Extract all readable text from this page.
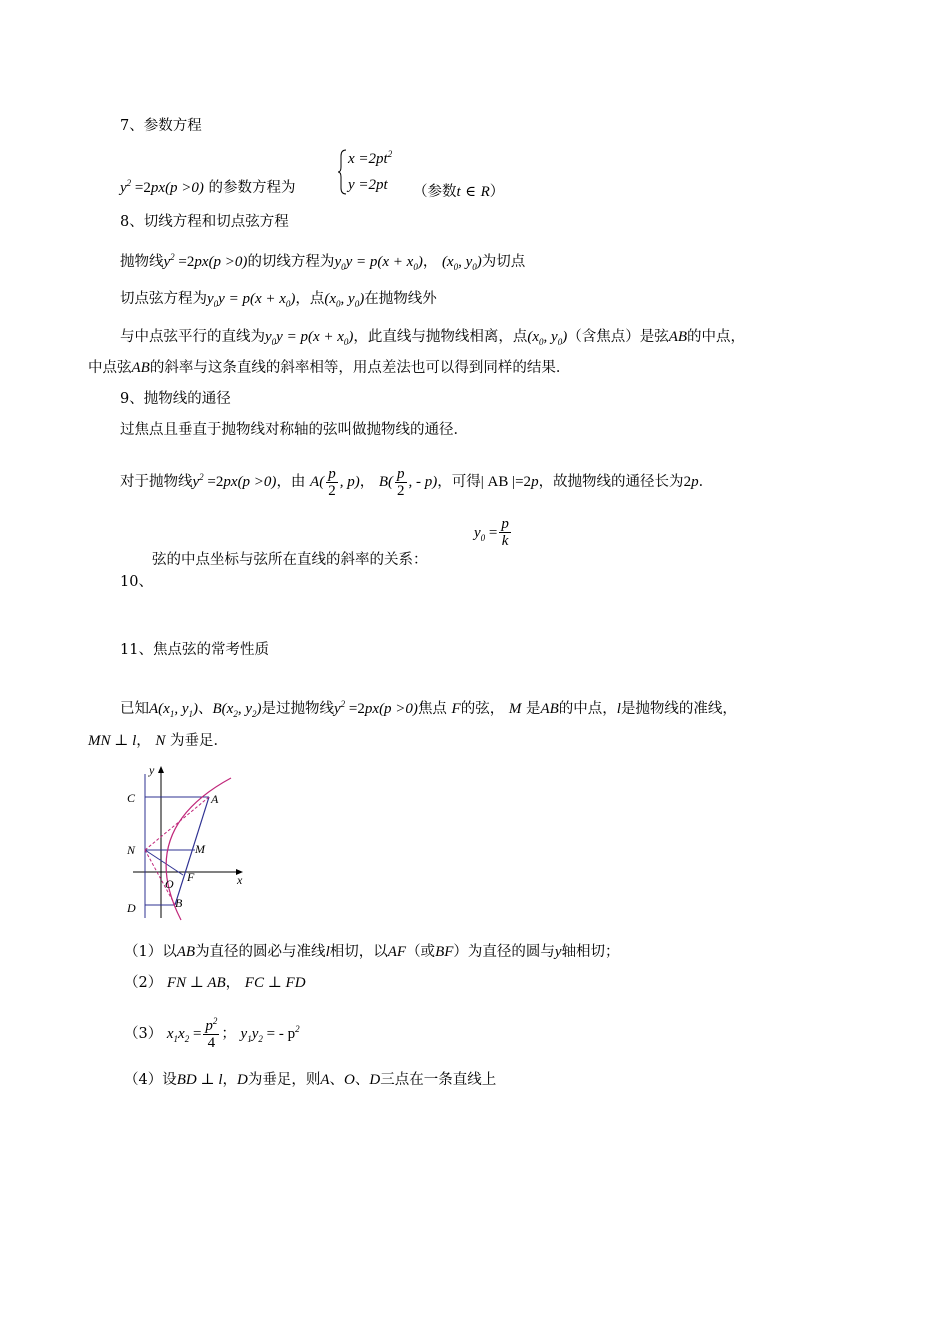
7、参数方程
$y^2 =2px(p >0)$ 的参数方程为
$x =2pt^2$
y =2pt （参数t ∈ R）
8、切线方程和切点弦方程
抛物线$y^2 =2px(p >0)$的切线方程为$y_0y = p(x + x_0)$， ($x_0$, $y_0$)为切点
切点弦方程为$y_0y = p(x + x_0)$，点($x_0$, $y_0$)在抛物线外
与中点弦平行的直线为$y_0y = p(x + x_0)$，此直线与抛物线相离，点($x_0$, $y_0$)（含焦点）是弦AB的中点，
中点弦AB的斜率与这条直线的斜率相等，用点差法也可以得到同样的结果．
9、抛物线的通径
过焦点且垂直于抛物线对称轴的弦叫做抛物线的通径．
对于抛物线$y^2 =2px(p >0)$，由 $A( \frac{p}{2}$ , p)， $B( \frac{p}{2}$ , - p)，可得| AB |=2p，故抛物线的通径长为2p．
$y_0 = \frac{p}{k}$
弦的中点坐标与弦所在直线的斜率的关系：
10、
11、焦点弦的常考性质
已知$A(x_1$, $y_1$)、$B(x_2$, $y_2$)是过抛物线$y^2 =2px(p >0)$焦点 F的弦， M 是AB的中点，l是抛物线的准线，
MN ⊥ l， N 为垂足．
y
x
C	A
N	M
O F
D	B
（1）以AB为直径的圆必与准线l相切，以AF（或BF）为直径的圆与y轴相切；
（2） FN ⊥ AB， FC ⊥ FD
（3） $x_1x_2 = \frac{p^2}{4}$ ； $y_1y_2$ = - $p^2$
（4）设BD ⊥ l，D为垂足，则A、O、D三点在一条直线上
